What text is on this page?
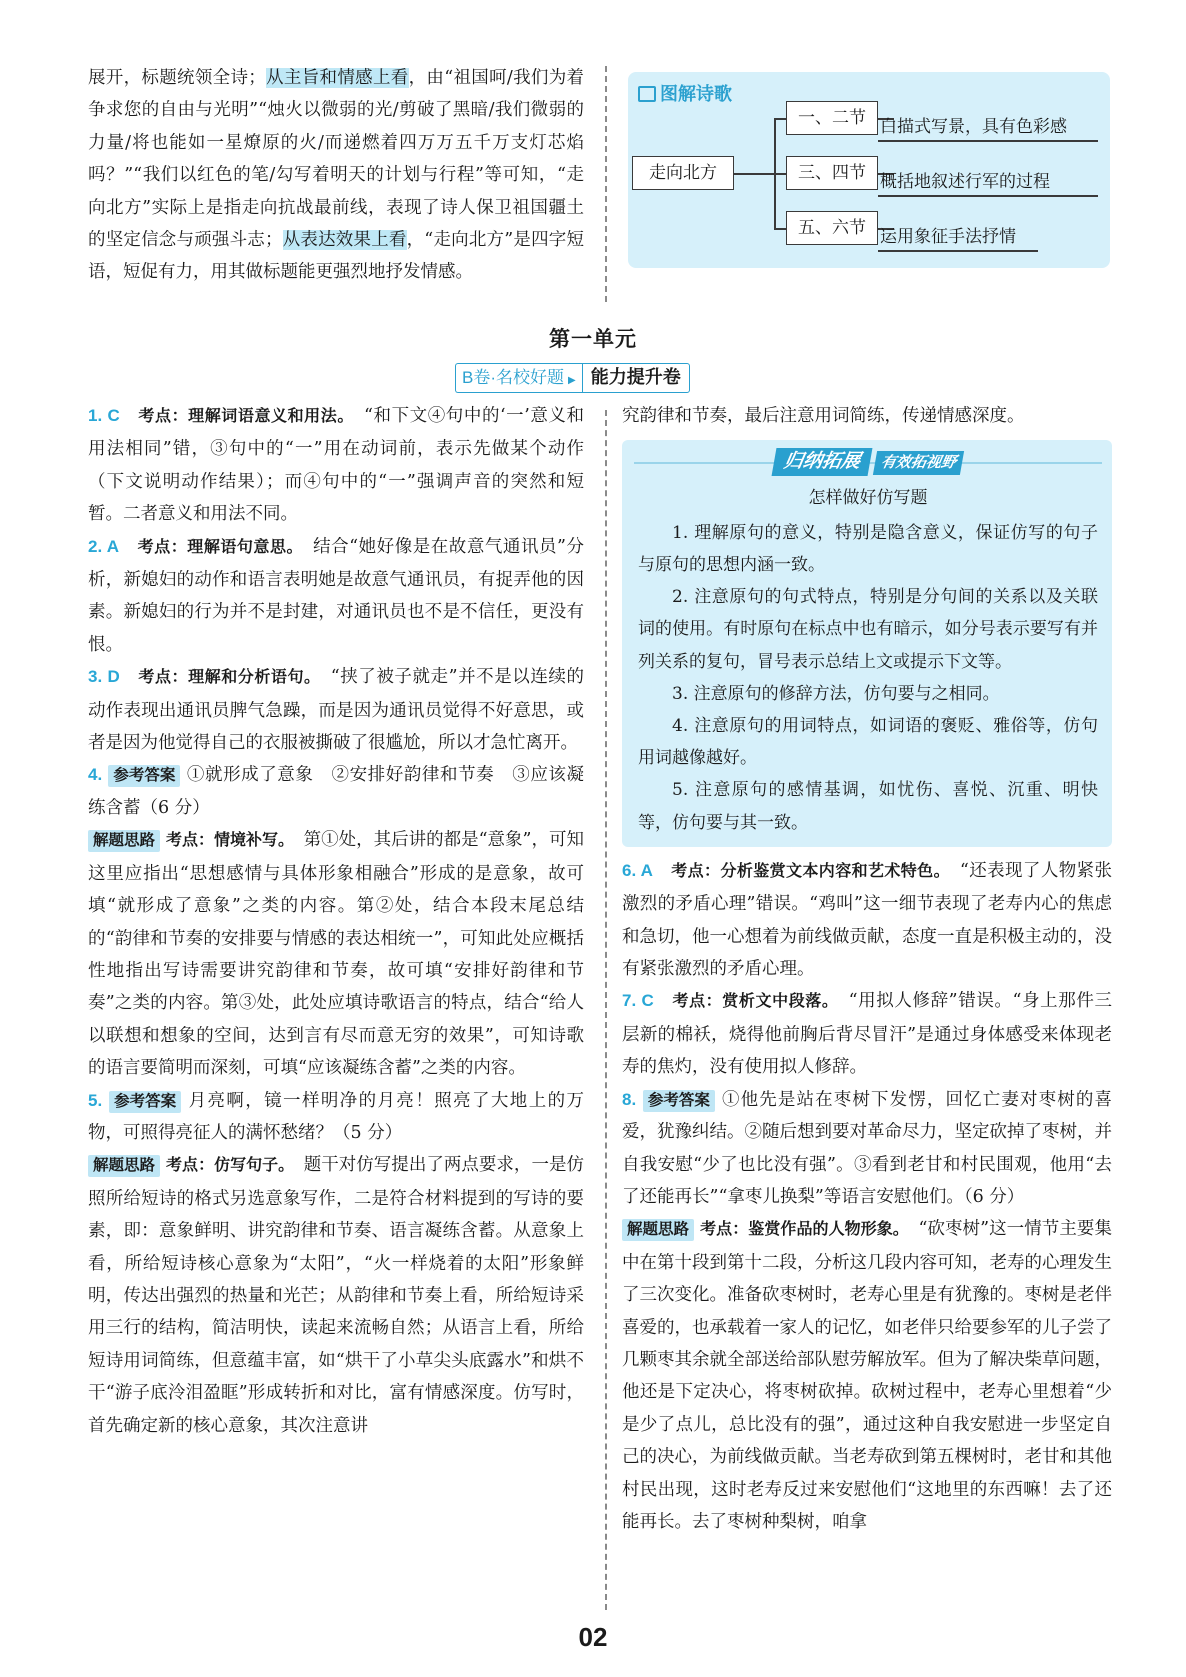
展开，标题统领全诗；从主旨和情感上看，由“祖国呵/我们为着争求您的自由与光明”“烛火以微弱的光/剪破了黑暗/我们微弱的力量/将也能如一星燎原的火/而递燃着四万万五千万支灯芯焰吗？”“我们以红色的笔/勾写着明天的计划与行程”等可知，“走向北方”实际上是指走向抗战最前线，表现了诗人保卫祖国疆土的坚定信念与顽强斗志；从表达效果上看，“走向北方”是四字短语，短促有力，用其做标题能更强烈地抒发情感。

图解诗歌
走向北方
一、二节
三、四节
五、六节
白描式写景，具有色彩感
概括地叙述行军的过程
运用象征手法抒情
第一单元
B卷·名校好题 ▶ 能力提升卷

1. C　 考点：理解词语意义和用法。　 “和下文④句中的‘一’意义和用法相同”错，③句中的“一”用在动词前，表示先做某个动作（下文说明动作结果）；而④句中的“一”强调声音的突然和短暂。二者意义和用法不同。

2. A　 考点：理解语句意思。　 结合“她好像是在故意气通讯员”分析，新媳妇的动作和语言表明她是故意气通讯员，有捉弄他的因素。新媳妇的行为并不是封建，对通讯员也不是不信任，更没有恨。

3. D　 考点：理解和分析语句。　 “挟了被子就走”并不是以连续的动作表现出通讯员脾气急躁，而是因为通讯员觉得不好意思，或者是因为他觉得自己的衣服被撕破了很尴尬，所以才急忙离开。

4. 参考答案 ①就形成了意象　②安排好韵律和节奏　③应该凝练含蓄（6 分）

解题思路 考点：情境补写。　 第①处，其后讲的都是“意象”，可知这里应指出“思想感情与具体形象相融合”形成的是意象，故可填“就形成了意象”之类的内容。第②处，结合本段末尾总结的“韵律和节奏的安排要与情感的表达相统一”，可知此处应概括性地指出写诗需要讲究韵律和节奏，故可填“安排好韵律和节奏”之类的内容。第③处，此处应填诗歌语言的特点，结合“给人以联想和想象的空间，达到言有尽而意无穷的效果”，可知诗歌的语言要简明而深刻，可填“应该凝练含蓄”之类的内容。

5. 参考答案 月亮啊，镜一样明净的月亮！照亮了大地上的万物，可照得亮征人的满怀愁绪？（5 分）

解题思路 考点：仿写句子。　 题干对仿写提出了两点要求，一是仿照所给短诗的格式另选意象写作，二是符合材料提到的写诗的要素，即：意象鲜明、讲究韵律和节奏、语言凝练含蓄。从意象上看，所给短诗核心意象为“太阳”，“火一样烧着的太阳”形象鲜明，传达出强烈的热量和光芒；从韵律和节奏上看，所给短诗采用三行的结构，简洁明快，读起来流畅自然；从语言上看，所给短诗用词简练，但意蕴丰富，如“烘干了小草尖头底露水”和烘不干“游子底泠泪盈眶”形成转折和对比，富有情感深度。仿写时，首先确定新的核心意象，其次注意讲

究韵律和节奏，最后注意用词简练，传递情感深度。

归纳拓展 有效拓视野
怎样做好仿写题

1. 理解原句的意义，特别是隐含意义，保证仿写的句子与原句的思想内涵一致。

2. 注意原句的句式特点，特别是分句间的关系以及关联词的使用。有时原句在标点中也有暗示，如分号表示要写有并列关系的复句，冒号表示总结上文或提示下文等。

3. 注意原句的修辞方法，仿句要与之相同。

4. 注意原句的用词特点，如词语的褒贬、雅俗等，仿句用词越像越好。

5. 注意原句的感情基调，如忧伤、喜悦、沉重、明快等，仿句要与其一致。

6. A　 考点：分析鉴赏文本内容和艺术特色。　 “还表现了人物紧张激烈的矛盾心理”错误。“鸡叫”这一细节表现了老寿内心的焦虑和急切，他一心想着为前线做贡献，态度一直是积极主动的，没有紧张激烈的矛盾心理。

7. C　 考点：赏析文中段落。　 “用拟人修辞”错误。“身上那件三层新的棉袄，烧得他前胸后背尽冒汗”是通过身体感受来体现老寿的焦灼，没有使用拟人修辞。

8. 参考答案 ①他先是站在枣树下发愣，回忆亡妻对枣树的喜爱，犹豫纠结。②随后想到要对革命尽力，坚定砍掉了枣树，并自我安慰“少了也比没有强”。③看到老甘和村民围观，他用“去了还能再长”“拿枣儿换梨”等语言安慰他们。（6 分）

解题思路 考点：鉴赏作品的人物形象。　 “砍枣树”这一情节主要集中在第十段到第十二段，分析这几段内容可知，老寿的心理发生了三次变化。准备砍枣树时，老寿心里是有犹豫的。枣树是老伴喜爱的，也承载着一家人的记忆，如老伴只给要参军的儿子尝了几颗枣其余就全部送给部队慰劳解放军。但为了解决柴草问题，他还是下定决心，将枣树砍掉。砍树过程中，老寿心里想着“少是少了点儿，总比没有的强”，通过这种自我安慰进一步坚定自己的决心，为前线做贡献。当老寿砍到第五棵树时，老甘和其他村民出现，这时老寿反过来安慰他们“这地里的东西嘛！去了还能再长。去了枣树种梨树，咱拿

02
